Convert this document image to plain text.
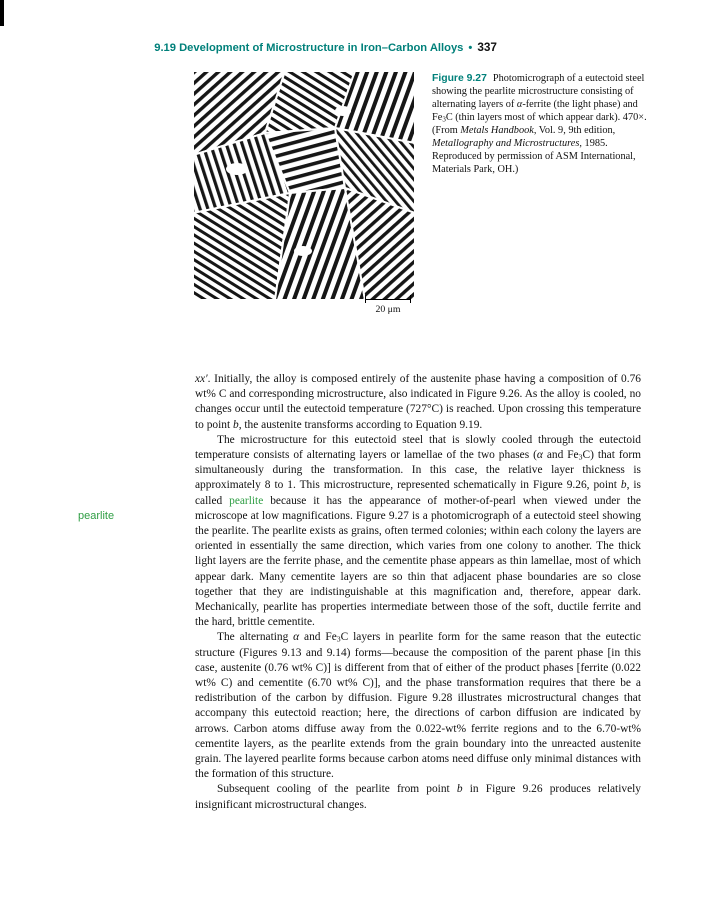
9.19 Development of Microstructure in Iron–Carbon Alloys • 337
20 μm
Figure 9.27 Photomicrograph of a eutectoid steel showing the pearlite microstructure consisting of alternating layers of α-ferrite (the light phase) and Fe3C (thin layers most of which appear dark). 470×. (From Metals Handbook, Vol. 9, 9th edition, Metallography and Microstructures, 1985. Reproduced by permission of ASM International, Materials Park, OH.)
pearlite

xx′. Initially, the alloy is composed entirely of the austenite phase having a composition of 0.76 wt% C and corresponding microstructure, also indicated in Figure 9.26. As the alloy is cooled, no changes occur until the eutectoid temperature (727°C) is reached. Upon crossing this temperature to point b, the austenite transforms according to Equation 9.19.

The microstructure for this eutectoid steel that is slowly cooled through the eutectoid temperature consists of alternating layers or lamellae of the two phases (α and Fe3C) that form simultaneously during the transformation. In this case, the relative layer thickness is approximately 8 to 1. This microstructure, represented schematically in Figure 9.26, point b, is called pearlite because it has the appearance of mother-of-pearl when viewed under the microscope at low magnifications. Figure 9.27 is a photomicrograph of a eutectoid steel showing the pearlite. The pearlite exists as grains, often termed colonies; within each colony the layers are oriented in essentially the same direction, which varies from one colony to another. The thick light layers are the ferrite phase, and the cementite phase appears as thin lamellae, most of which appear dark. Many cementite layers are so thin that adjacent phase boundaries are so close together that they are indistinguishable at this magnification and, therefore, appear dark. Mechanically, pearlite has properties intermediate between those of the soft, ductile ferrite and the hard, brittle cementite.

The alternating α and Fe3C layers in pearlite form for the same reason that the eutectic structure (Figures 9.13 and 9.14) forms—because the composition of the parent phase [in this case, austenite (0.76 wt% C)] is different from that of either of the product phases [ferrite (0.022 wt% C) and cementite (6.70 wt% C)], and the phase transformation requires that there be a redistribution of the carbon by diffusion. Figure 9.28 illustrates microstructural changes that accompany this eutectoid reaction; here, the directions of carbon diffusion are indicated by arrows. Carbon atoms diffuse away from the 0.022-wt% ferrite regions and to the 6.70-wt% cementite layers, as the pearlite extends from the grain boundary into the unreacted austenite grain. The layered pearlite forms because carbon atoms need diffuse only minimal distances with the formation of this structure.

Subsequent cooling of the pearlite from point b in Figure 9.26 produces relatively insignificant microstructural changes.
